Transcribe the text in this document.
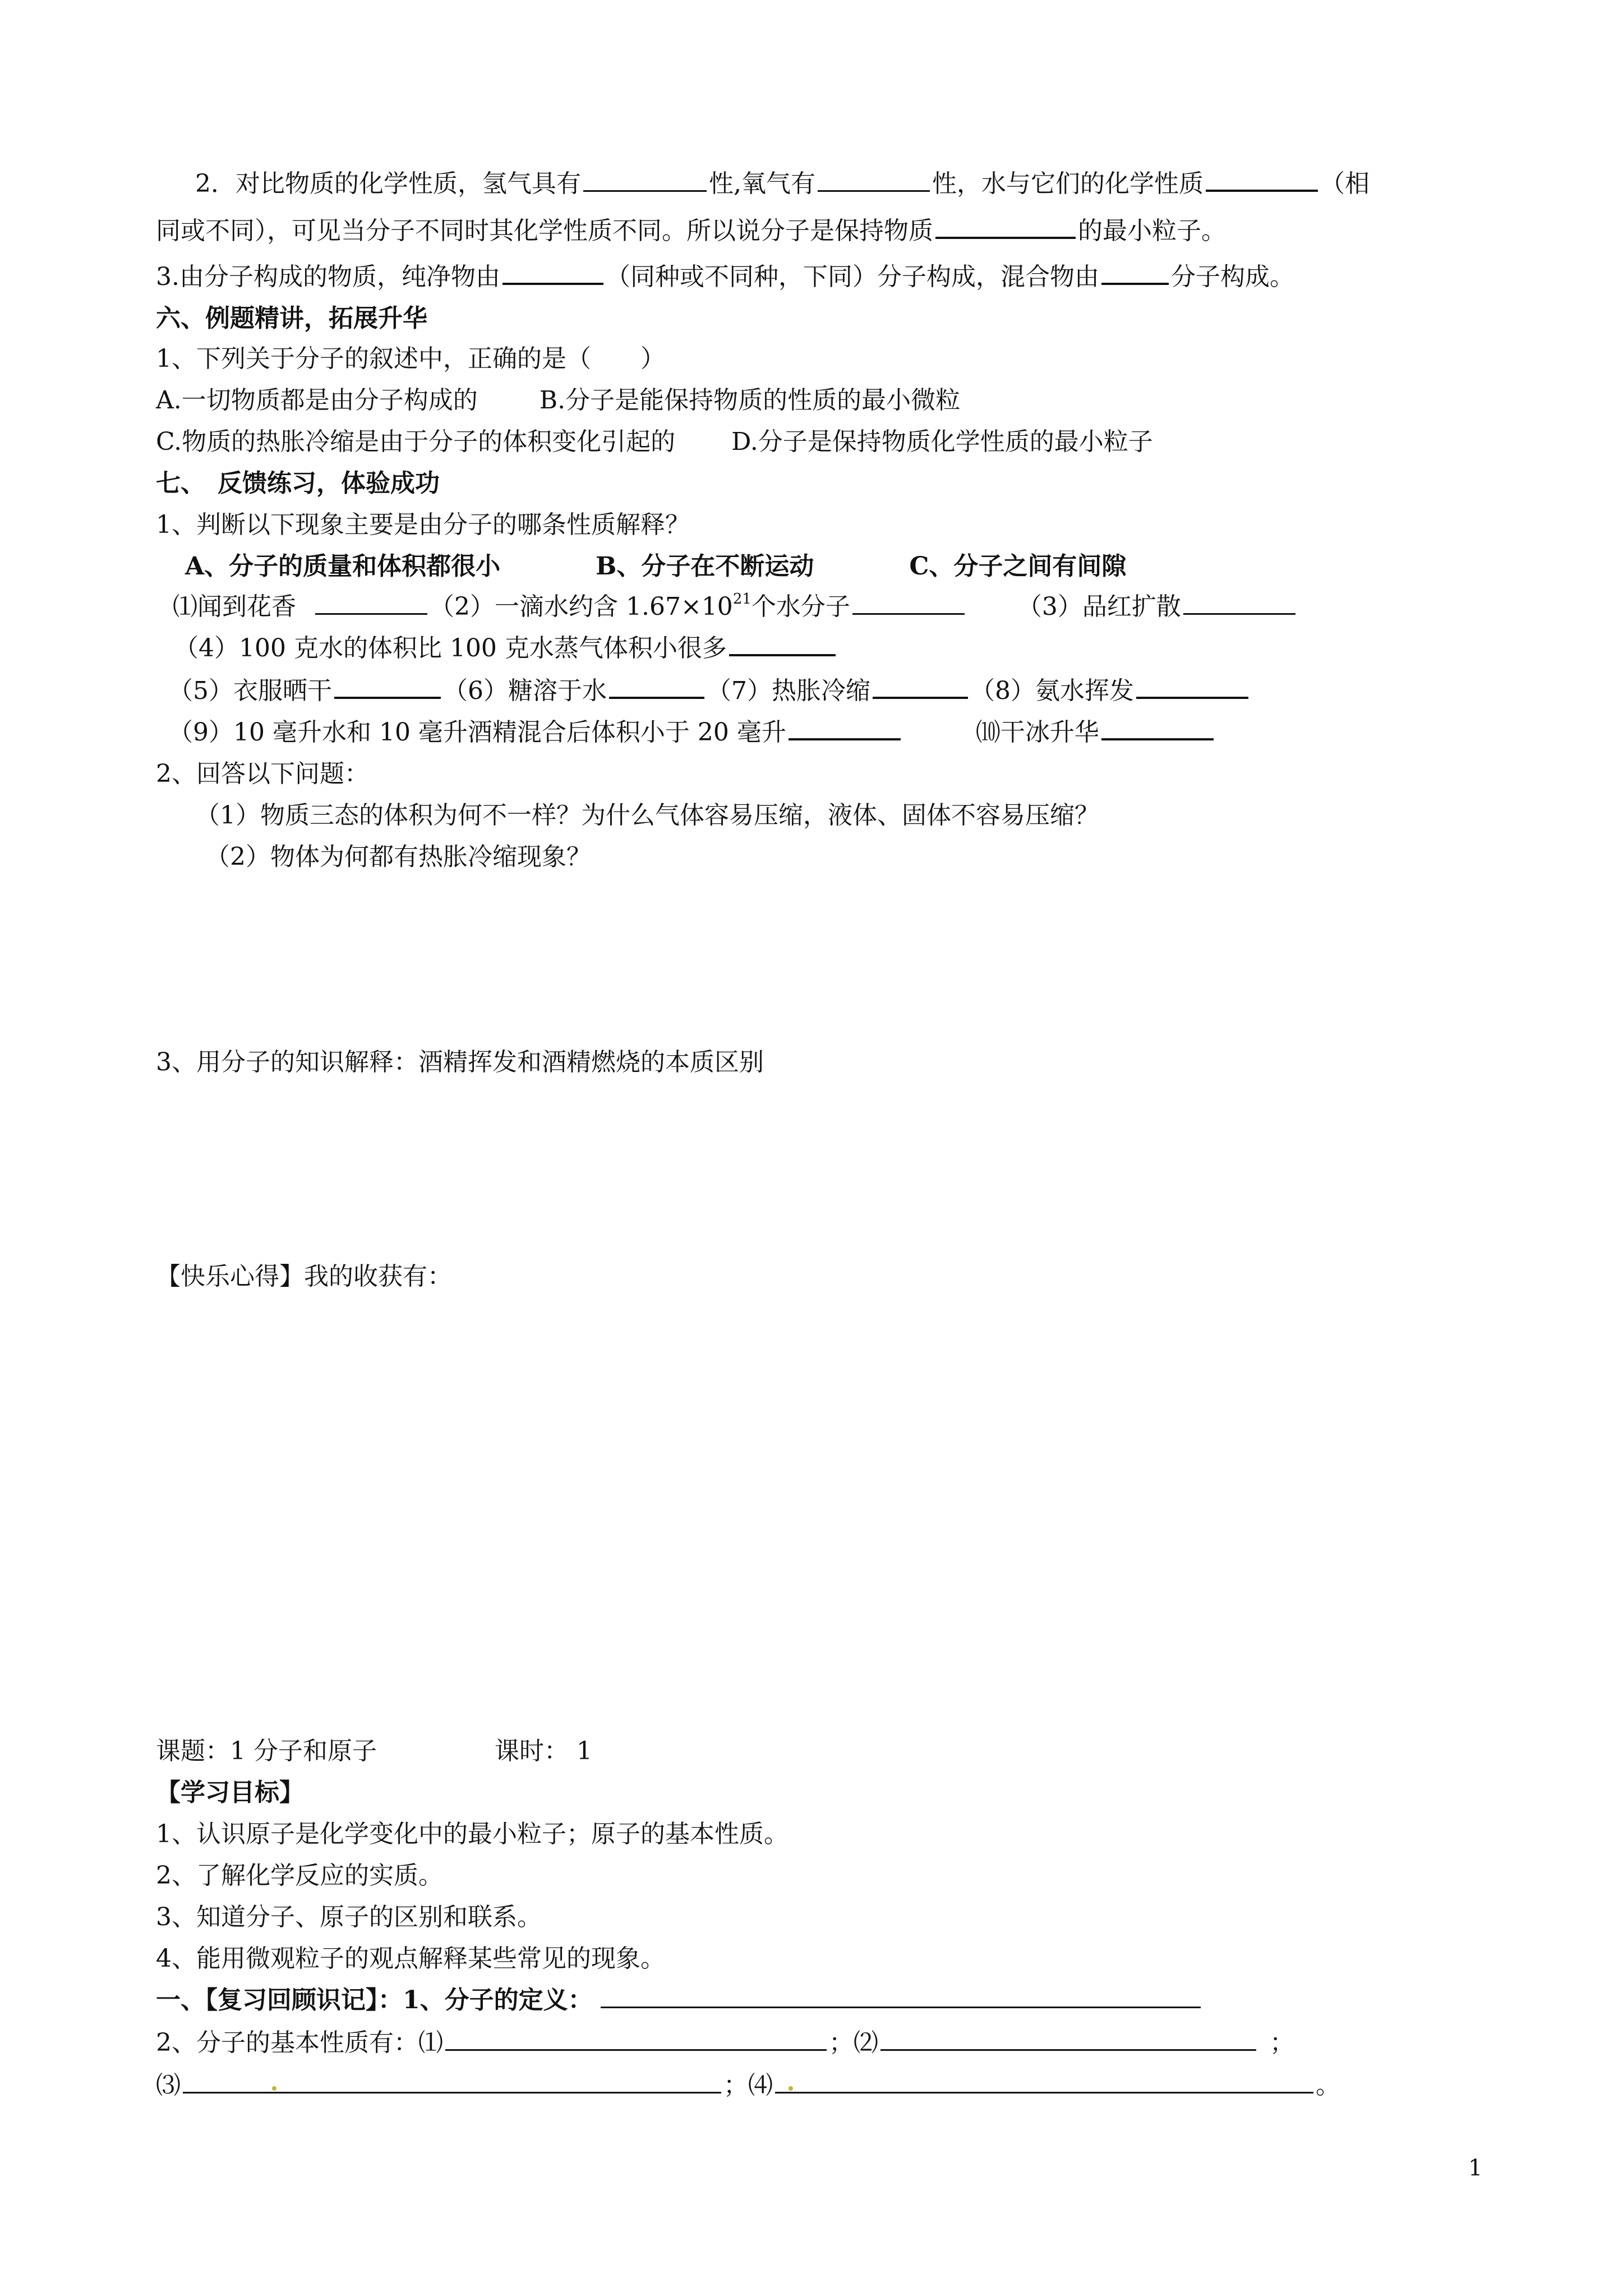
2．对比物质的化学性质，氢气具有	性,氧气有	性，水与它们的化学性质	（相
同或不同），可见当分子不同时其化学性质不同。所以说分子是保持物质	的最小粒子。
3.由分子构成的物质，纯净物由	（同种或不同种，下同）分子构成，混合物由	分子构成。
六、例题精讲，拓展升华
1、下列关于分子的叙述中，正确的是（　　）
A.一切物质都是由分子构成的	B.分子是能保持物质的性质的最小微粒
C.物质的热胀冷缩是由于分子的体积变化引起的 D.分子是保持物质化学性质的最小粒子
七、　反馈练习，体验成功
1、判断以下现象主要是由分子的哪条性质解释？
A、分子的质量和体积都很小	B、分子在不断运动	C、分子之间有间隙
⑴闻到花香	（2）一滴水约含 $1.67\times 10^{21}$个水分子	（3）品红扩散
（4）100 克水的体积比 100 克水蒸气体积小很多
（5）衣服晒干	（6）糖溶于水	（7）热胀冷缩	（8）氨水挥发
（9）10 毫升水和 10 毫升酒精混合后体积小于 20 毫升	⑽干冰升华
2、回答以下问题：
（1）物质三态的体积为何不一样？为什么气体容易压缩，液体、固体不容易压缩？
（2）物体为何都有热胀冷缩现象？
3、用分子的知识解释：酒精挥发和酒精燃烧的本质区别
【快乐心得】我的收获有：
课题：1 分子和原子	课时： 1
【学习目标】
1、认识原子是化学变化中的最小粒子；原子的基本性质。
2、了解化学反应的实质。
3、知道分子、原子的区别和联系。
4、能用微观粒子的观点解释某些常见的现象。
一、【复习回顾识记】：1、分子的定义：
2、分子的基本性质有：⑴	；⑵	；
⑶	；⑷	。
1
